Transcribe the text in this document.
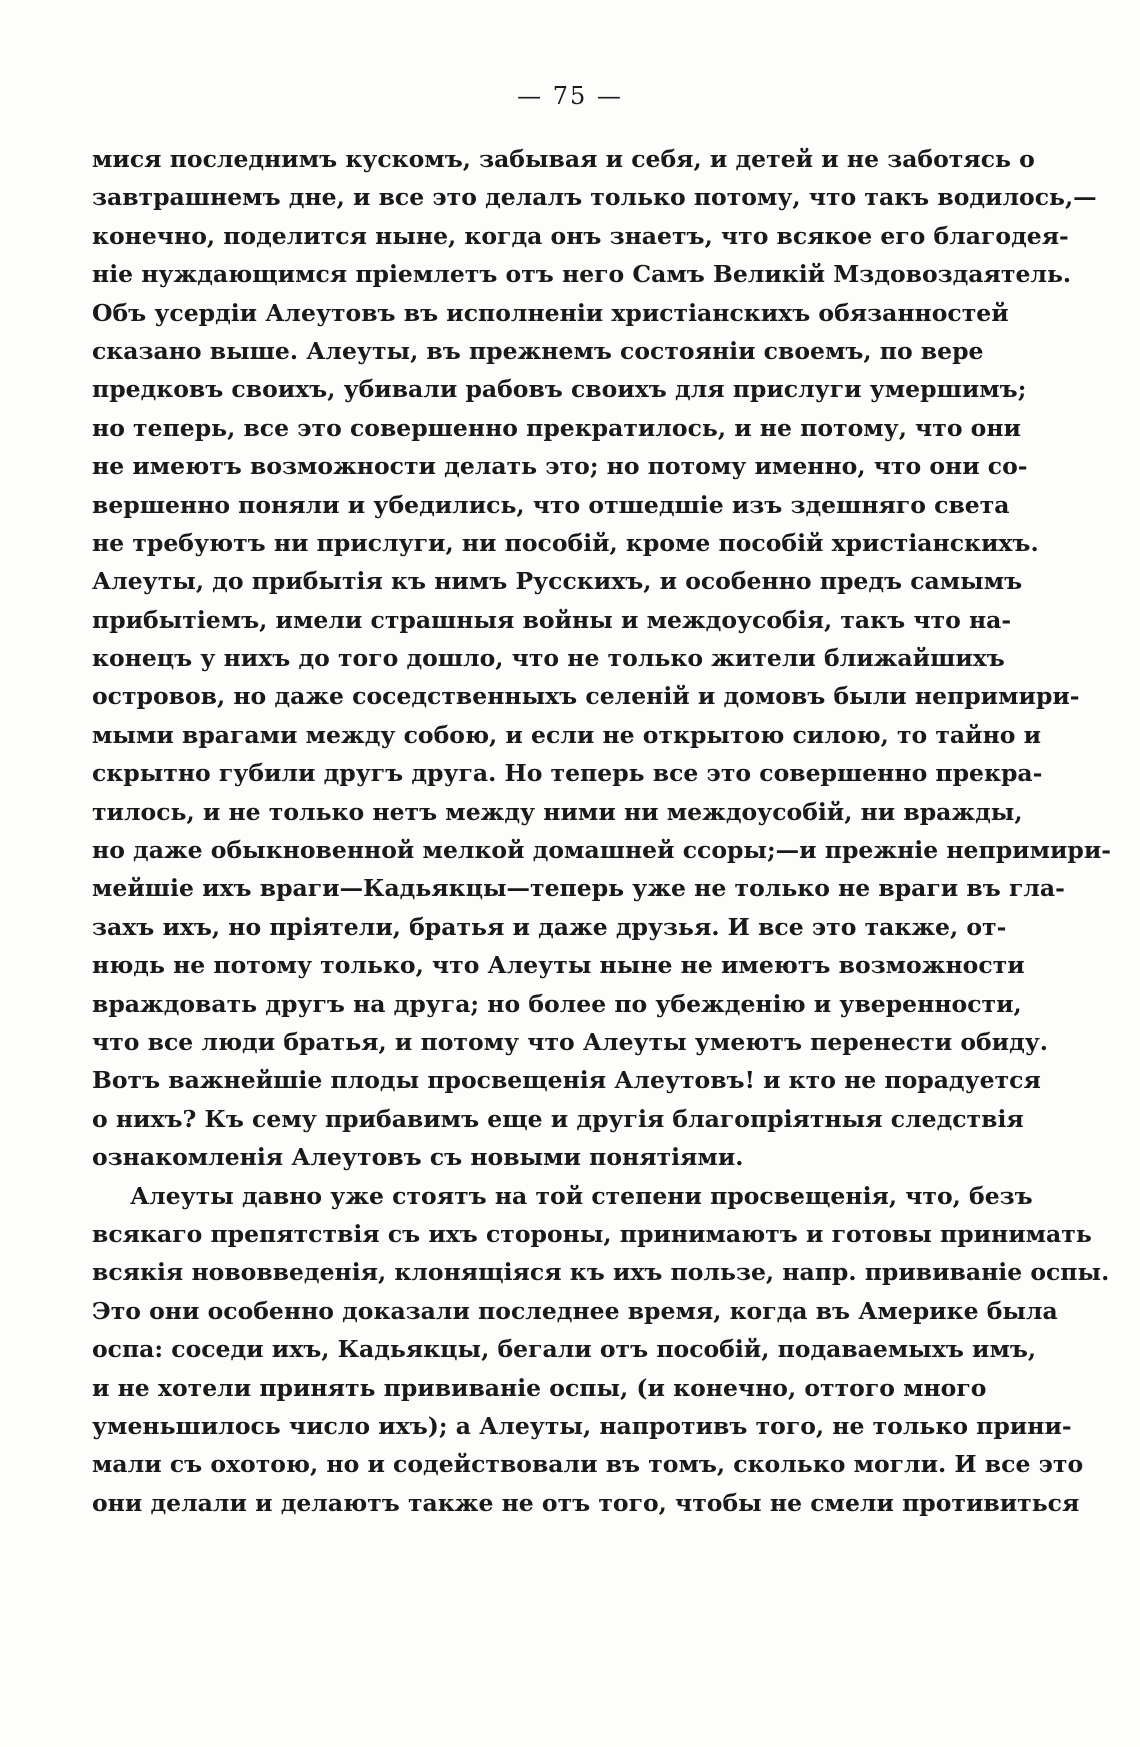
— 75 —
мися последнимъ кускомъ, забывая и себя, и детей и не заботясь о
завтрашнемъ дне, и все это делалъ только потому, что такъ водилось,—
конечно, поделится ныне, когда онъ знаетъ, что всякое его благодея-
ніе нуждающимся пріемлетъ отъ него Самъ Великій Мздовоздаятель.
Объ усердіи Алеутовъ въ исполненіи христіанскихъ обязанностей
сказано выше. Алеуты, въ прежнемъ состояніи своемъ, по вере
предковъ своихъ, убивали рабовъ своихъ для прислуги умершимъ;
но теперь, все это совершенно прекратилось, и не потому, что они
не имеютъ возможности делать это; но потому именно, что они со-
вершенно поняли и убедились, что отшедшіе изъ здешняго света
не требуютъ ни прислуги, ни пособій, кроме пособій христіанскихъ.
Алеуты, до прибытія къ нимъ Русскихъ, и особенно предъ самымъ
прибытіемъ, имели страшныя войны и междоусобія, такъ что на-
конецъ у нихъ до того дошло, что не только жители ближайшихъ
островов, но даже соседственныхъ селеній и домовъ были непримири-
мыми врагами между собою, и если не открытою силою, то тайно и
скрытно губили другъ друга. Но теперь все это совершенно прекра-
тилось, и не только нетъ между ними ни междоусобій, ни вражды,
но даже обыкновенной мелкой домашней ссоры;—и прежніе непримири-
мейшіе ихъ враги—Кадьякцы—теперь уже не только не враги въ гла-
захъ ихъ, но пріятели, братья и даже друзья. И все это также, от-
нюдь не потому только, что Алеуты ныне не имеютъ возможности
враждовать другъ на друга; но более по убежденію и уверенности,
что все люди братья, и потому что Алеуты умеютъ перенести обиду.
Вотъ важнейшіе плоды просвещенія Алеутовъ! и кто не порадуется
о нихъ? Къ сему прибавимъ еще и другія благопріятныя следствія
ознакомленія Алеутовъ съ новыми понятіями.
Алеуты давно уже стоятъ на той степени просвещенія, что, безъ
всякаго препятствія съ ихъ стороны, принимаютъ и готовы принимать
всякія нововведенія, клонящіяся къ ихъ пользе, напр. прививаніе оспы.
Это они особенно доказали последнее время, когда въ Америке была
оспа: соседи ихъ, Кадьякцы, бегали отъ пособій, подаваемыхъ имъ,
и не хотели принять прививаніе оспы, (и конечно, оттого много
уменьшилось число ихъ); а Алеуты, напротивъ того, не только прини-
мали съ охотою, но и содействовали въ томъ, сколько могли. И все это
они делали и делаютъ также не отъ того, чтобы не смели противиться
